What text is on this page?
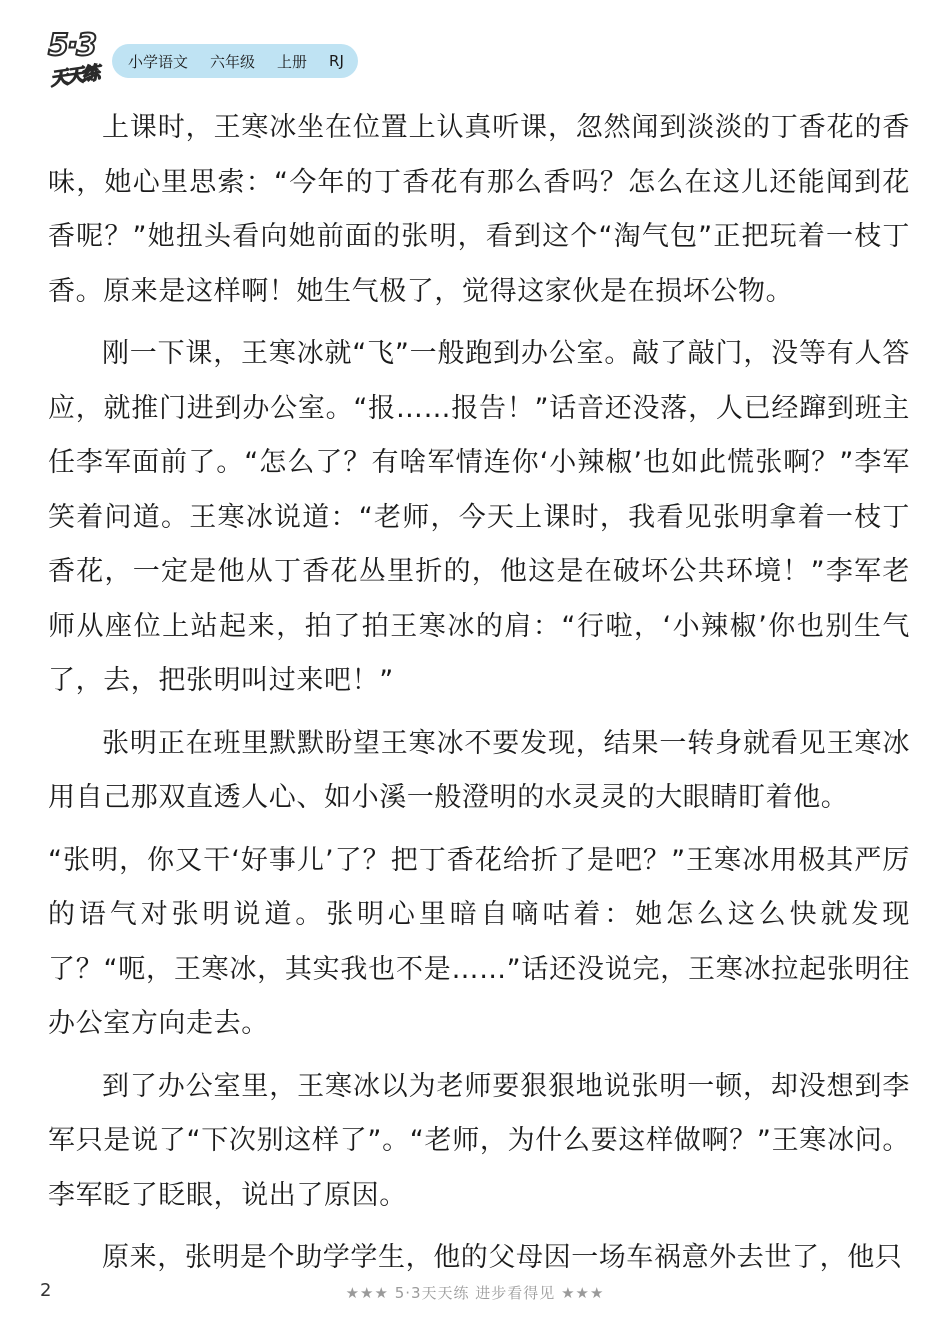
5·3
天天练
小学语文 六年级 上册 RJ

上课时，王寒冰坐在位置上认真听课，忽然闻到淡淡的丁香花的香味，她心里思索：“今年的丁香花有那么香吗？怎么在这儿还能闻到花香呢？”她扭头看向她前面的张明，看到这个“淘气包”正把玩着一枝丁香。原来是这样啊！她生气极了，觉得这家伙是在损坏公物。

刚一下课，王寒冰就“飞”一般跑到办公室。敲了敲门，没等有人答应，就推门进到办公室。“报……报告！”话音还没落，人已经蹿到班主任李军面前了。“怎么了？有啥军情连你‘小辣椒’也如此慌张啊？”李军笑着问道。王寒冰说道：“老师，今天上课时，我看见张明拿着一枝丁香花，一定是他从丁香花丛里折的，他这是在破坏公共环境！”李军老师从座位上站起来，拍了拍王寒冰的肩：“行啦，‘小辣椒’你也别生气了，去，把张明叫过来吧！”

张明正在班里默默盼望王寒冰不要发现，结果一转身就看见王寒冰用自己那双直透人心、如小溪一般澄明的水灵灵的大眼睛盯着他。

“张明，你又干‘好事儿’了？把丁香花给折了是吧？”王寒冰用极其严厉的语气对张明说道。张明心里暗自嘀咕着：她怎么这么快就发现了？“呃，王寒冰，其实我也不是……”话还没说完，王寒冰拉起张明往办公室方向走去。

到了办公室里，王寒冰以为老师要狠狠地说张明一顿，却没想到李军只是说了“下次别这样了”。“老师，为什么要这样做啊？”王寒冰问。李军眨了眨眼，说出了原因。

原来，张明是个助学学生，他的父母因一场车祸意外去世了，他只

2	★★★ 5·3天天练 进步看得见 ★★★
